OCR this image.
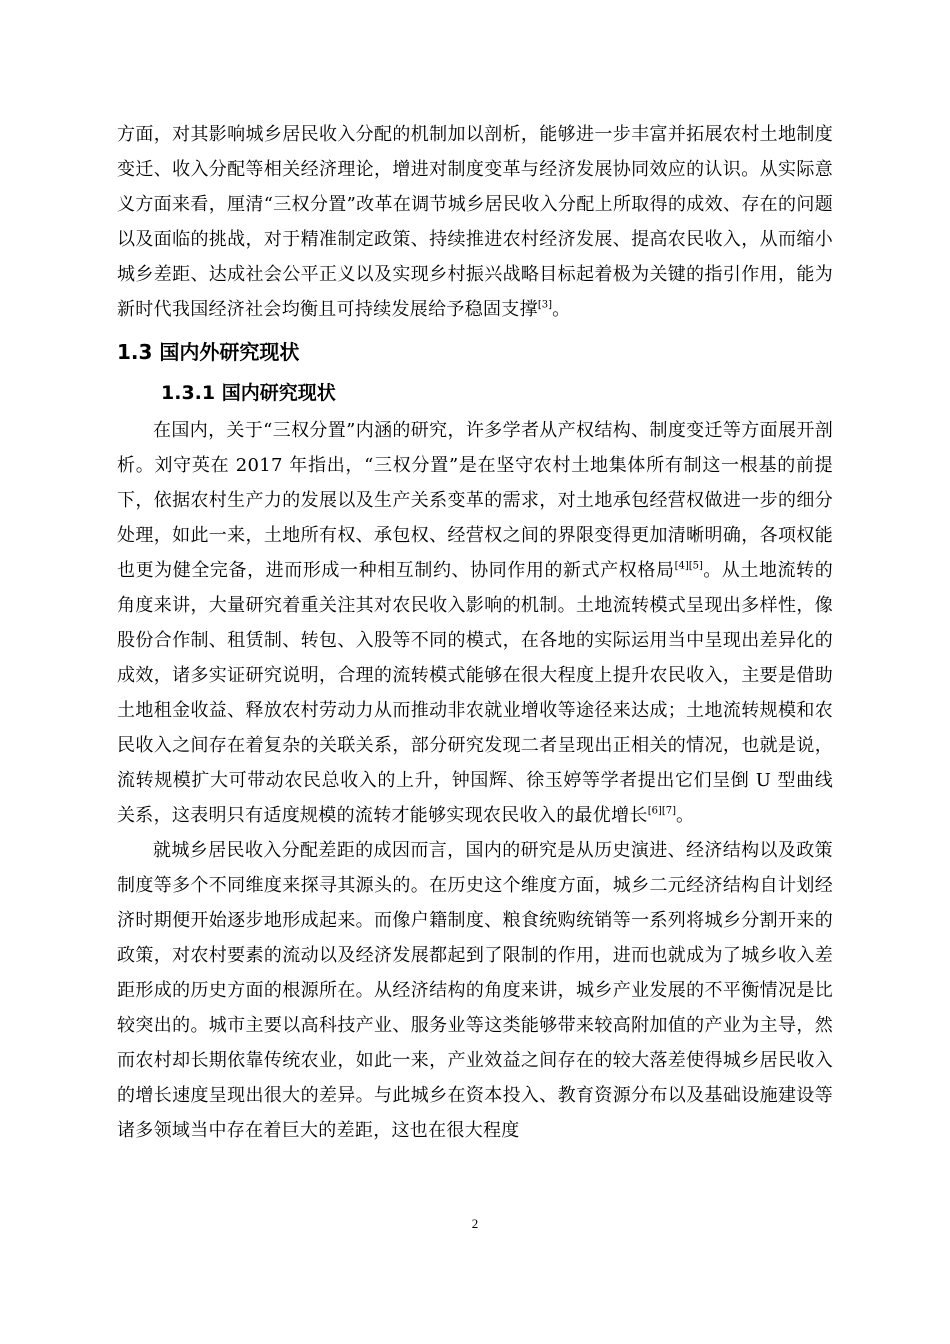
方面，对其影响城乡居民收入分配的机制加以剖析，能够进一步丰富并拓展农村土地制度变迁、收入分配等相关经济理论，增进对制度变革与经济发展协同效应的认识。从实际意义方面来看，厘清“三权分置”改革在调节城乡居民收入分配上所取得的成效、存在的问题以及面临的挑战，对于精准制定政策、持续推进农村经济发展、提高农民收入，从而缩小城乡差距、达成社会公平正义以及实现乡村振兴战略目标起着极为关键的指引作用，能为新时代我国经济社会均衡且可持续发展给予稳固支撑[3]。

1.3 国内外研究现状
1.3.1 国内研究现状

在国内，关于“三权分置”内涵的研究，许多学者从产权结构、制度变迁等方面展开剖析。刘守英在 2017 年指出，“三权分置”是在坚守农村土地集体所有制这一根基的前提下，依据农村生产力的发展以及生产关系变革的需求，对土地承包经营权做进一步的细分处理，如此一来，土地所有权、承包权、经营权之间的界限变得更加清晰明确，各项权能也更为健全完备，进而形成一种相互制约、协同作用的新式产权格局[4][5]。从土地流转的角度来讲，大量研究着重关注其对农民收入影响的机制。土地流转模式呈现出多样性，像股份合作制、租赁制、转包、入股等不同的模式，在各地的实际运用当中呈现出差异化的成效，诸多实证研究说明，合理的流转模式能够在很大程度上提升农民收入，主要是借助土地租金收益、释放农村劳动力从而推动非农就业增收等途径来达成；土地流转规模和农民收入之间存在着复杂的关联关系，部分研究发现二者呈现出正相关的情况，也就是说，流转规模扩大可带动农民总收入的上升，钟国辉、徐玉婷等学者提出它们呈倒 U 型曲线关系，这表明只有适度规模的流转才能够实现农民收入的最优增长[6][7]。

就城乡居民收入分配差距的成因而言，国内的研究是从历史演进、经济结构以及政策制度等多个不同维度来探寻其源头的。在历史这个维度方面，城乡二元经济结构自计划经济时期便开始逐步地形成起来。而像户籍制度、粮食统购统销等一系列将城乡分割开来的政策，对农村要素的流动以及经济发展都起到了限制的作用，进而也就成为了城乡收入差距形成的历史方面的根源所在。从经济结构的角度来讲，城乡产业发展的不平衡情况是比较突出的。城市主要以高科技产业、服务业等这类能够带来较高附加值的产业为主导，然而农村却长期依靠传统农业，如此一来，产业效益之间存在的较大落差使得城乡居民收入的增长速度呈现出很大的差异。与此城乡在资本投入、教育资源分布以及基础设施建设等诸多领域当中存在着巨大的差距，这也在很大程度

2
